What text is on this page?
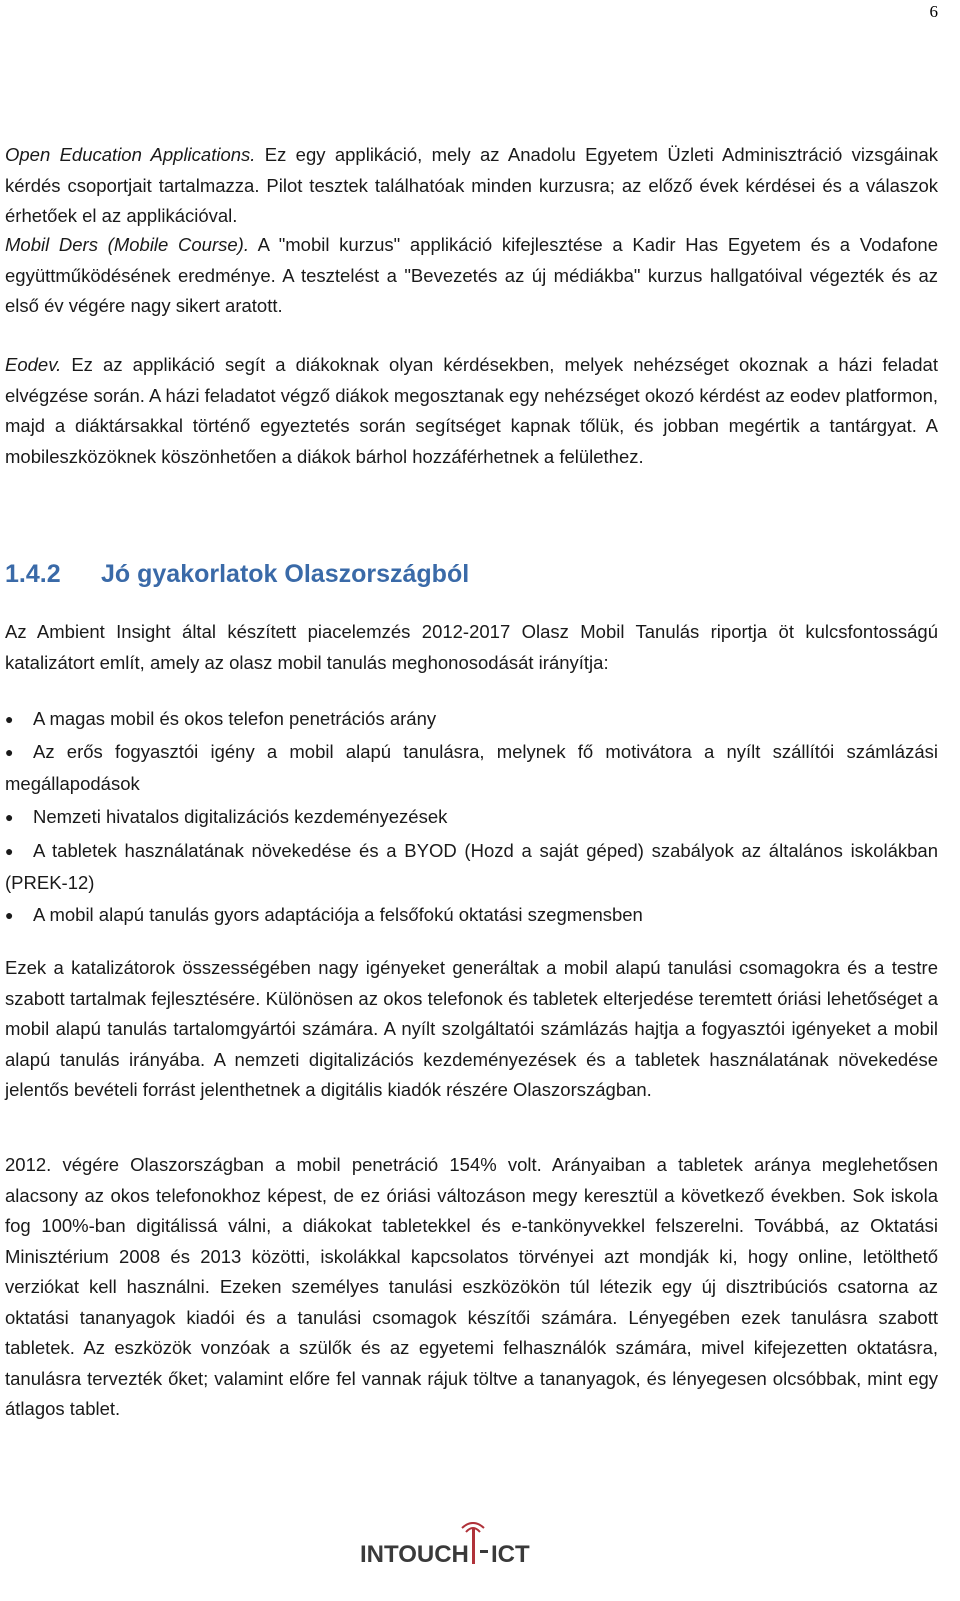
6

Open Education Applications. Ez egy applikáció, mely az Anadolu Egyetem Üzleti Adminisztráció vizsgáinak kérdés csoportjait tartalmazza. Pilot tesztek találhatóak minden kurzusra; az előző évek kérdései és a válaszok érhetőek el az applikációval.

Mobil Ders (Mobile Course). A "mobil kurzus" applikáció kifejlesztése a Kadir Has Egyetem és a Vodafone együttműködésének eredménye. A tesztelést a "Bevezetés az új médiákba" kurzus hallgatóival végezték és az első év végére nagy sikert aratott.

Eodev. Ez az applikáció segít a diákoknak olyan kérdésekben, melyek nehézséget okoznak a házi feladat elvégzése során. A házi feladatot végző diákok megosztanak egy nehézséget okozó kérdést az eodev platformon, majd a diáktársakkal történő egyeztetés során segítséget kapnak tőlük, és jobban megértik a tantárgyat. A mobileszközöknek köszönhetően a diákok bárhol hozzáférhetnek a felülethez.

1.4.2 Jó gyakorlatok Olaszországból

Az Ambient Insight által készített piacelemzés 2012-2017 Olasz Mobil Tanulás riportja öt kulcsfontosságú katalizátort említ, amely az olasz mobil tanulás meghonosodását irányítja:

● A magas mobil és okos telefon penetrációs arány

● Az erős fogyasztói igény a mobil alapú tanulásra, melynek fő motivátora a nyílt szállítói számlázási megállapodások

● Nemzeti hivatalos digitalizációs kezdeményezések

● A tabletek használatának növekedése és a BYOD (Hozd a saját géped) szabályok az általános iskolákban (PREK-12)

● A mobil alapú tanulás gyors adaptációja a felsőfokú oktatási szegmensben

Ezek a katalizátorok összességében nagy igényeket generáltak a mobil alapú tanulási csomagokra és a testre szabott tartalmak fejlesztésére. Különösen az okos telefonok és tabletek elterjedése teremtett óriási lehetőséget a mobil alapú tanulás tartalomgyártói számára. A nyílt szolgáltatói számlázás hajtja a fogyasztói igényeket a mobil alapú tanulás irányába. A nemzeti digitalizációs kezdeményezések és a tabletek használatának növekedése jelentős bevételi forrást jelenthetnek a digitális kiadók részére Olaszországban.

2012. végére Olaszországban a mobil penetráció 154% volt. Arányaiban a tabletek aránya meglehetősen alacsony az okos telefonokhoz képest, de ez óriási változáson megy keresztül a következő években. Sok iskola fog 100%-ban digitálissá válni, a diákokat tabletekkel és e-tankönyvekkel felszerelni. Továbbá, az Oktatási Minisztérium 2008 és 2013 közötti, iskolákkal kapcsolatos törvényei azt mondják ki, hogy online, letölthető verziókat kell használni. Ezeken személyes tanulási eszközökön túl létezik egy új disztribúciós csatorna az oktatási tananyagok kiadói és a tanulási csomagok készítői számára. Lényegében ezek tanulásra szabott tabletek. Az eszközök vonzóak a szülők és az egyetemi felhasználók számára, mivel kifejezetten oktatásra, tanulásra tervezték őket; valamint előre fel vannak rájuk töltve a tananyagok, és lényegesen olcsóbbak, mint egy átlagos tablet.

INTOUCH ICT
